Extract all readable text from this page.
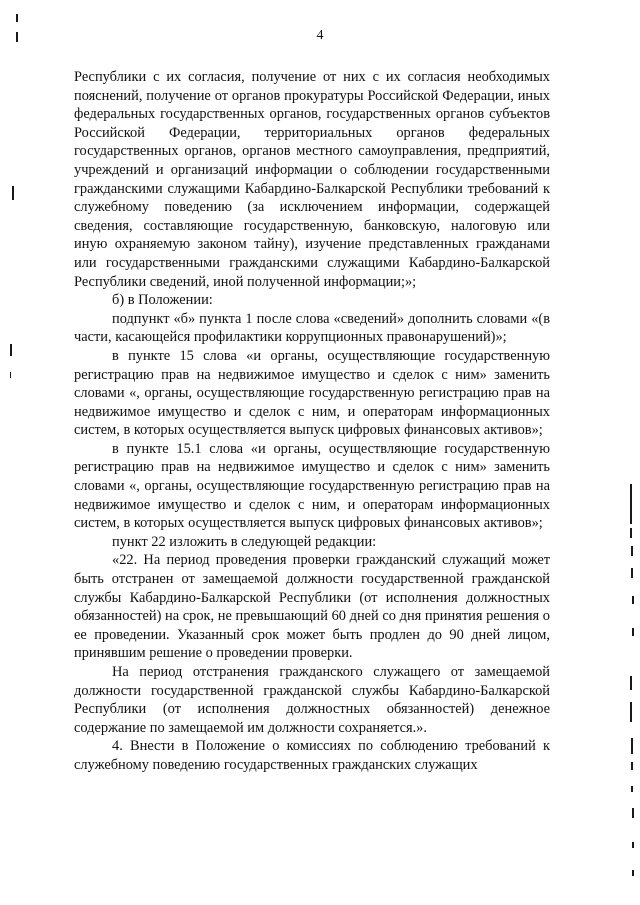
4

Республики с их согласия, получение от них с их согласия необходимых пояснений, получение от органов прокуратуры Российской Федерации, иных федеральных государственных органов, государственных органов субъектов Российской Федерации, территориальных органов федеральных государственных органов, органов местного самоуправления, предприятий, учреждений и организаций информации о соблюдении государственными гражданскими служащими Кабардино-Балкарской Республики требований к служебному поведению (за исключением информации, содержащей сведения, составляющие государственную, банковскую, налоговую или иную охраняемую законом тайну), изучение представленных гражданами или государственными гражданскими служащими Кабардино-Балкарской Республики сведений, иной полученной информации;»;

б) в Положении:

подпункт «б» пункта 1 после слова «сведений» дополнить словами «(в части, касающейся профилактики коррупционных правонарушений)»;

в пункте 15 слова «и органы, осуществляющие государственную регистрацию прав на недвижимое имущество и сделок с ним» заменить словами «, органы, осуществляющие государственную регистрацию прав на недвижимое имущество и сделок с ним, и операторам информационных систем, в которых осуществляется выпуск цифровых финансовых активов»;

в пункте 15.1 слова «и органы, осуществляющие государственную регистрацию прав на недвижимое имущество и сделок с ним» заменить словами «, органы, осуществляющие государственную регистрацию прав на недвижимое имущество и сделок с ним, и операторам информационных систем, в которых осуществляется выпуск цифровых финансовых активов»;

пункт 22 изложить в следующей редакции:

«22. На период проведения проверки гражданский служащий может быть отстранен от замещаемой должности государственной гражданской службы Кабардино-Балкарской Республики (от исполнения должностных обязанностей) на срок, не превышающий 60 дней со дня принятия решения о ее проведении. Указанный срок может быть продлен до 90 дней лицом, принявшим решение о проведении проверки.

На период отстранения гражданского служащего от замещаемой должности государственной гражданской службы Кабардино-Балкарской Республики (от исполнения должностных обязанностей) денежное содержание по замещаемой им должности сохраняется.».

4. Внести в Положение о комиссиях по соблюдению требований к служебному поведению государственных гражданских служащих
